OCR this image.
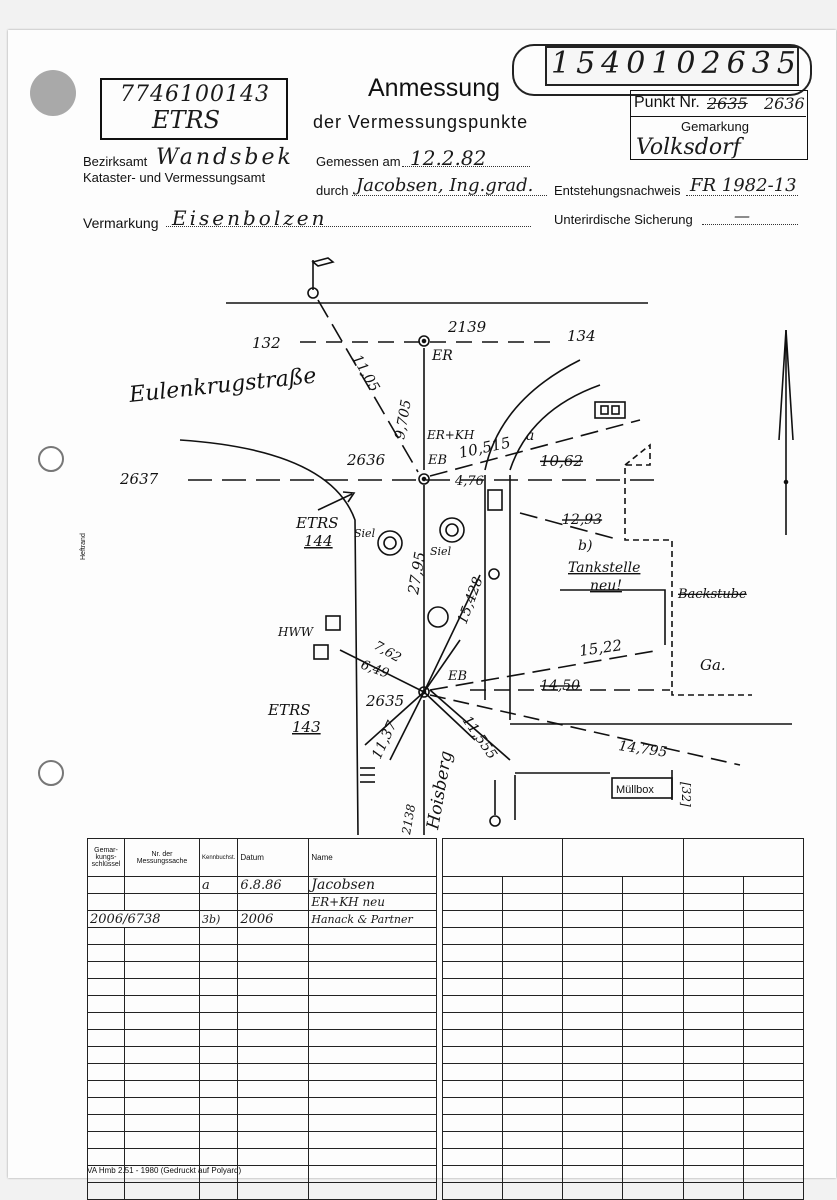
7746100143
ETRS
Anmessung
der Vermessungspunkte
1540102635
Punkt Nr. 2635 2636
Gemarkung
Volksdorf
Bezirksamt Wandsbek
Kataster- und Vermessungsamt
Gemessen am 12.2.82
durch Jacobsen, Ing.grad. Entstehungsnachweis FR 1982-13
Vermarkung Eisenbolzen	Unterirdische Sicherung	—
Heftrand
132
2139	134
ER
11,05
9,705
Eulenkrugstraße
ER+KH
10,515 a
10,62
2637
2636	EB
4,76
ETRS
144 Siel
Siel
12,93
b)
Tankstelle
neu!
Backstube
27,95
15,428
HWW
7,62
6,49
15,22
Ga.
ETRS
143
2635
EB
14,50
11,37	11,555
Hoisberg	14,795
2138
Müllbox [32]
Gemar-kungs-schlüssel	Nr. der Messungssache	Kennbuchst.	Datum	Name
		a	6.8.86	Jacobsen
				ER+KH neu
2006/6738		3b)	2006	Hanack & Partner

VA Hmb 2.51 - 1980 (Gedruckt auf Polyard)
